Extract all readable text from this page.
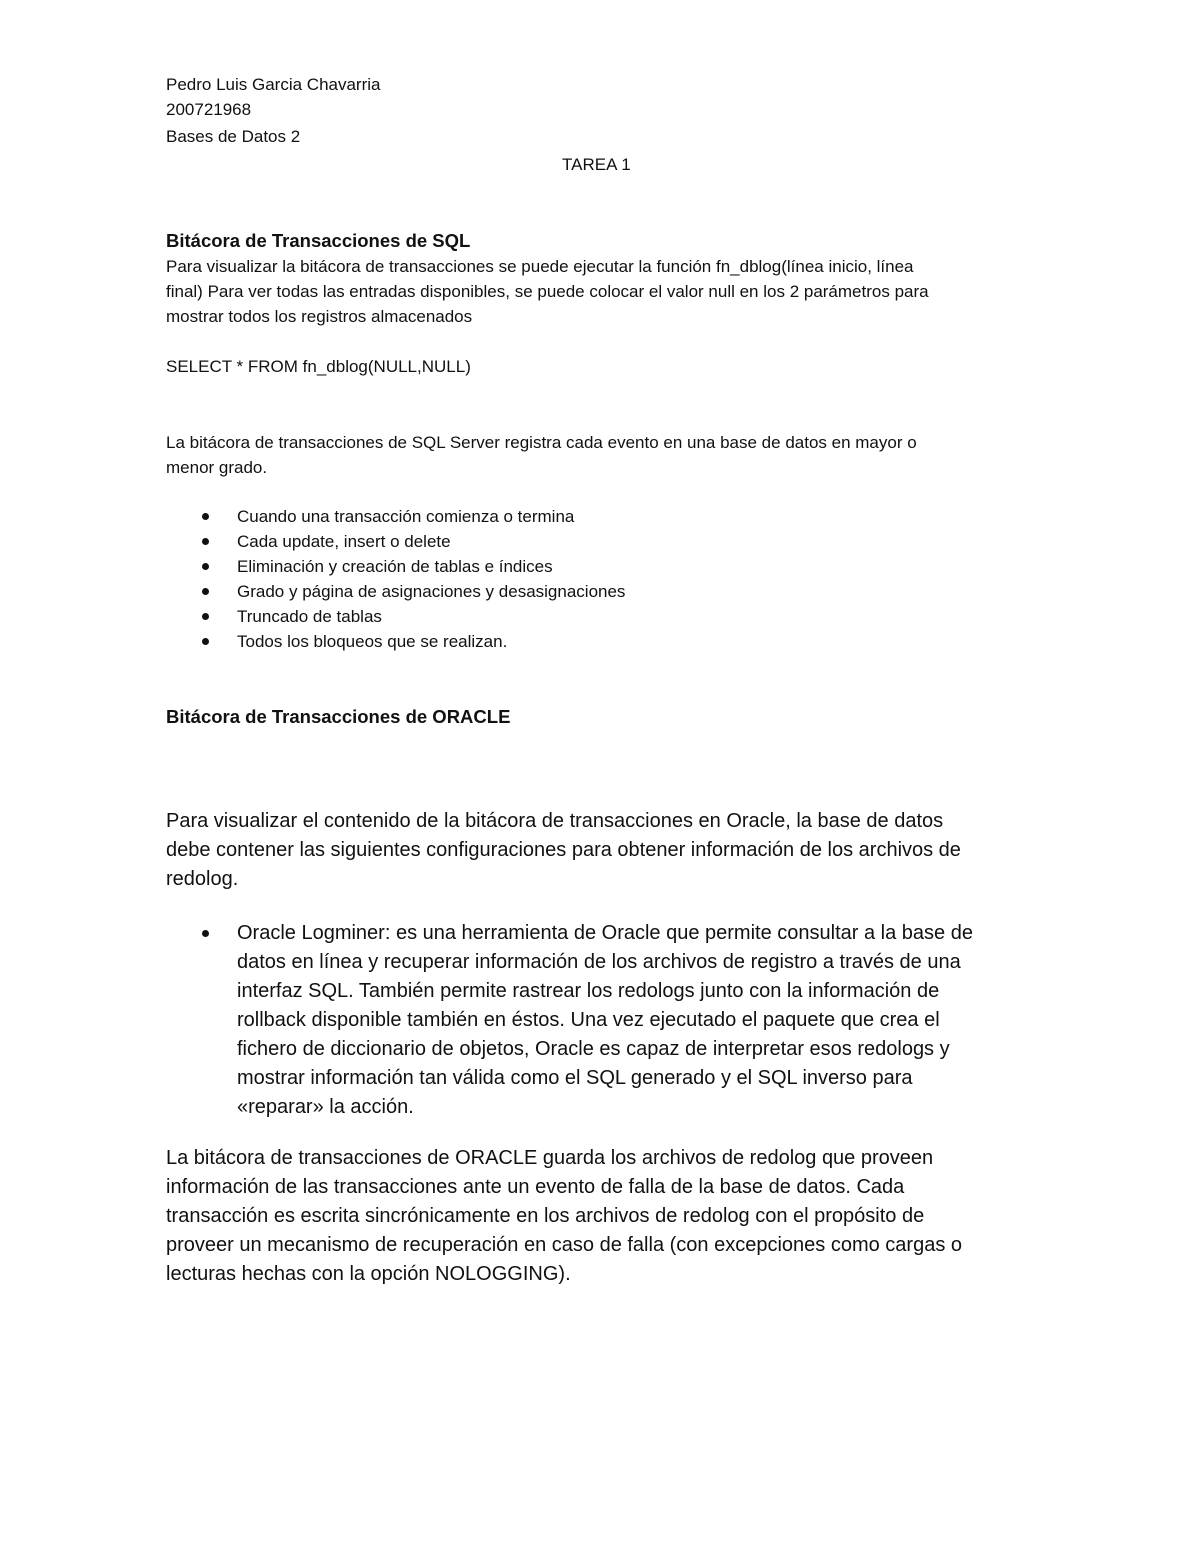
Pedro Luis Garcia Chavarria
200721968
Bases de Datos 2
TAREA 1
Bitácora de Transacciones de SQL
Para visualizar la bitácora de transacciones se puede ejecutar la función fn_dblog(línea inicio, línea
final) Para ver todas las entradas disponibles, se puede colocar el valor null en los 2 parámetros para
mostrar todos los registros almacenados
SELECT * FROM fn_dblog(NULL,NULL)
La bitácora de transacciones de SQL Server registra cada evento en una base de datos en mayor o
menor grado.
Cuando una transacción comienza o termina
Cada update, insert o delete
Eliminación y creación de tablas e índices
Grado y página de asignaciones y desasignaciones
Truncado de tablas
Todos los bloqueos que se realizan.
Bitácora de Transacciones de ORACLE
Para visualizar el contenido de la bitácora de transacciones en Oracle, la base de datos
debe contener las siguientes configuraciones para obtener información de los archivos de
redolog.
Oracle Logminer: es una herramienta de Oracle que permite consultar a la base de
datos en línea y recuperar información de los archivos de registro a través de una
interfaz SQL. También permite rastrear los redologs junto con la información de
rollback disponible también en éstos. Una vez ejecutado el paquete que crea el
fichero de diccionario de objetos, Oracle es capaz de interpretar esos redologs y
mostrar información tan válida como el SQL generado y el SQL inverso para
«reparar» la acción.
La bitácora de transacciones de ORACLE guarda los archivos de redolog que proveen
información de las transacciones ante un evento de falla de la base de datos. Cada
transacción es escrita sincrónicamente en los archivos de redolog con el propósito de
proveer un mecanismo de recuperación en caso de falla (con excepciones como cargas o
lecturas hechas con la opción NOLOGGING).
